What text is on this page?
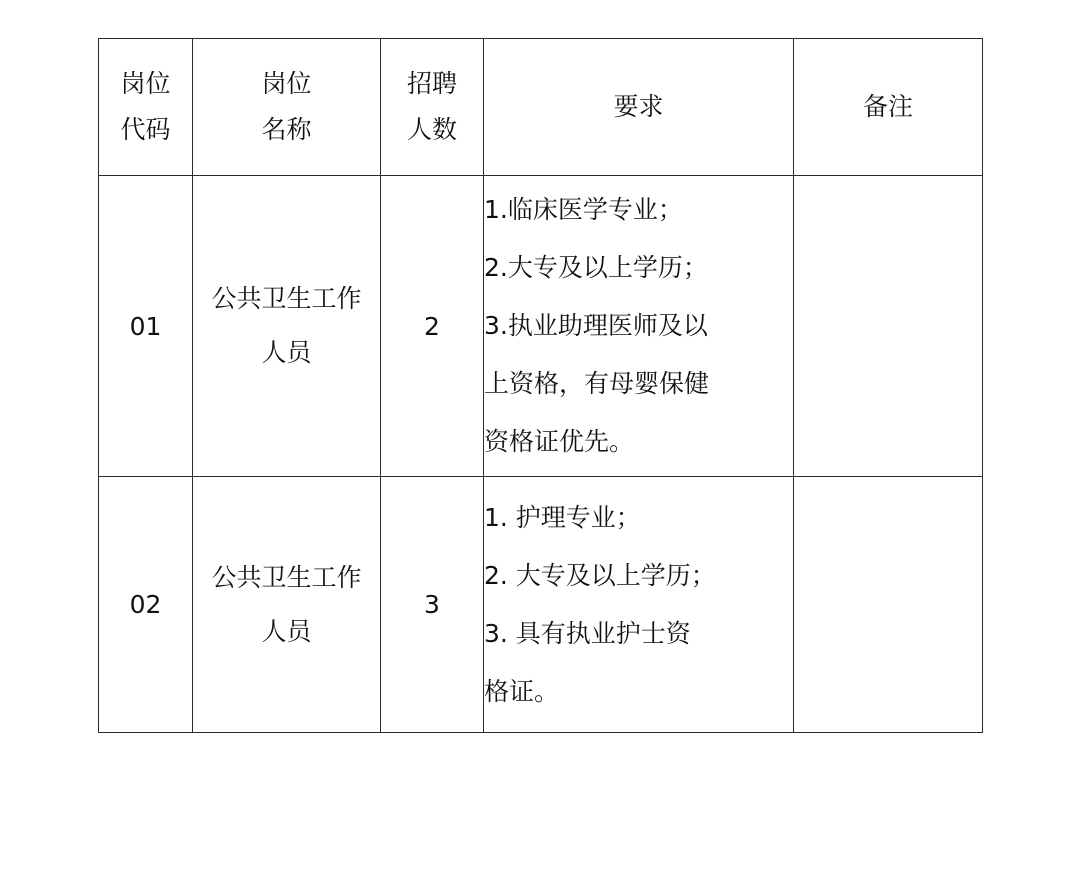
岗位
代码	岗位
名称	招聘
人数	要求	备注

01	公共卫生工作
人员	2	1.临床医学专业；
2.大专及以上学历；
3.执业助理医师及以
上资格，有母婴保健
资格证优先。	

02	公共卫生工作
人员	3	1. 护理专业；
2. 大专及以上学历；
3. 具有执业护士资
格证。	
